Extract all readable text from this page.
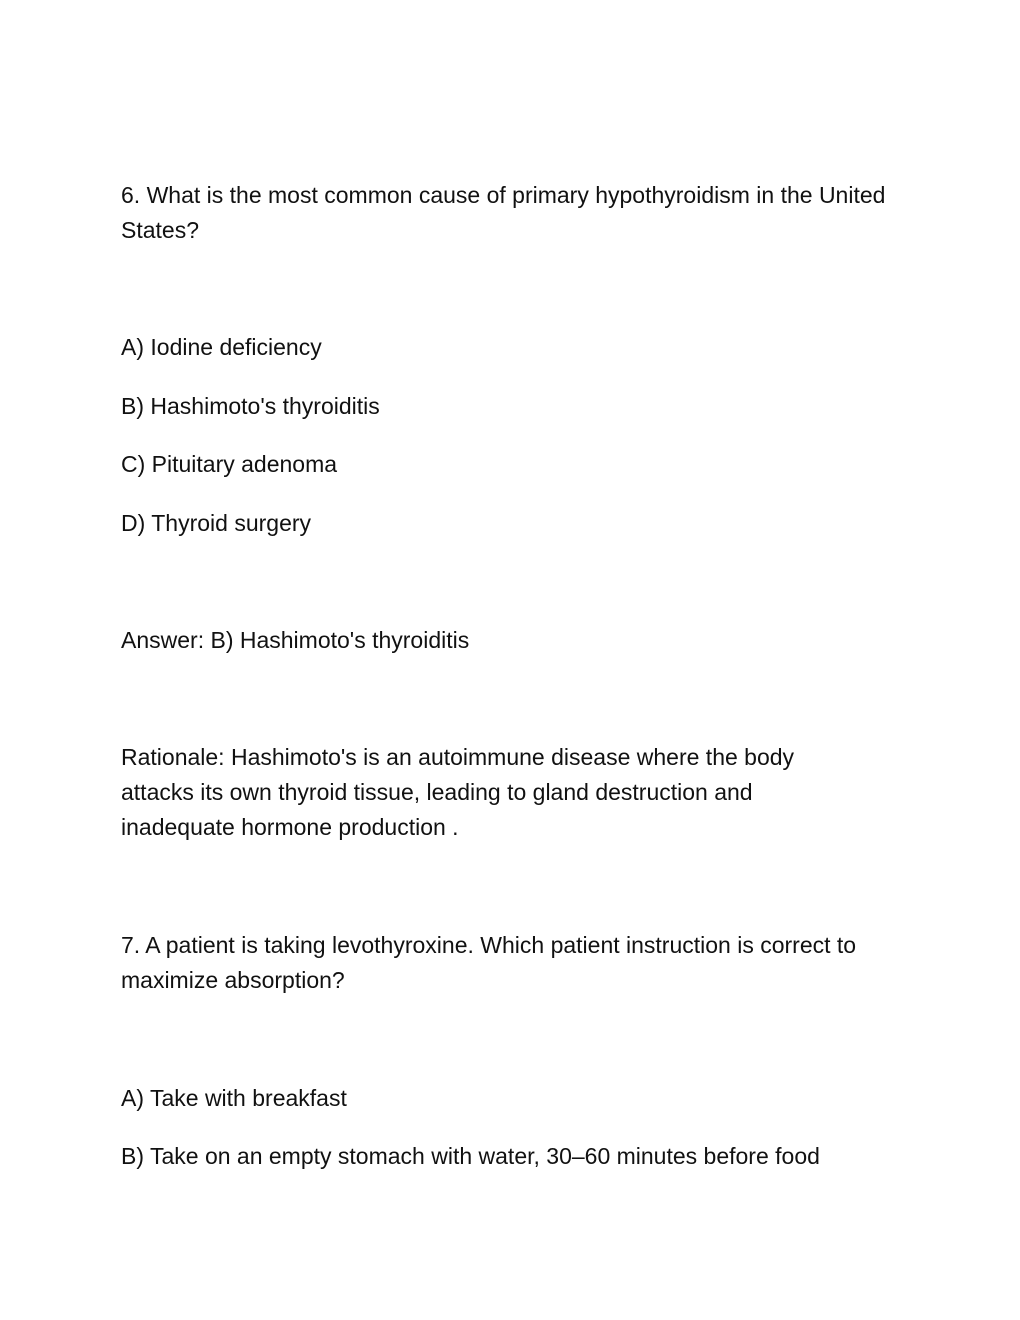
6. What is the most common cause of primary hypothyroidism in the United States?

A) Iodine deficiency

B) Hashimoto's thyroiditis

C) Pituitary adenoma

D) Thyroid surgery

Answer: B) Hashimoto's thyroiditis

Rationale: Hashimoto's is an autoimmune disease where the body attacks its own thyroid tissue, leading to gland destruction and inadequate hormone production .

7. A patient is taking levothyroxine. Which patient instruction is correct to maximize absorption?

A) Take with breakfast

B) Take on an empty stomach with water, 30–60 minutes before food
